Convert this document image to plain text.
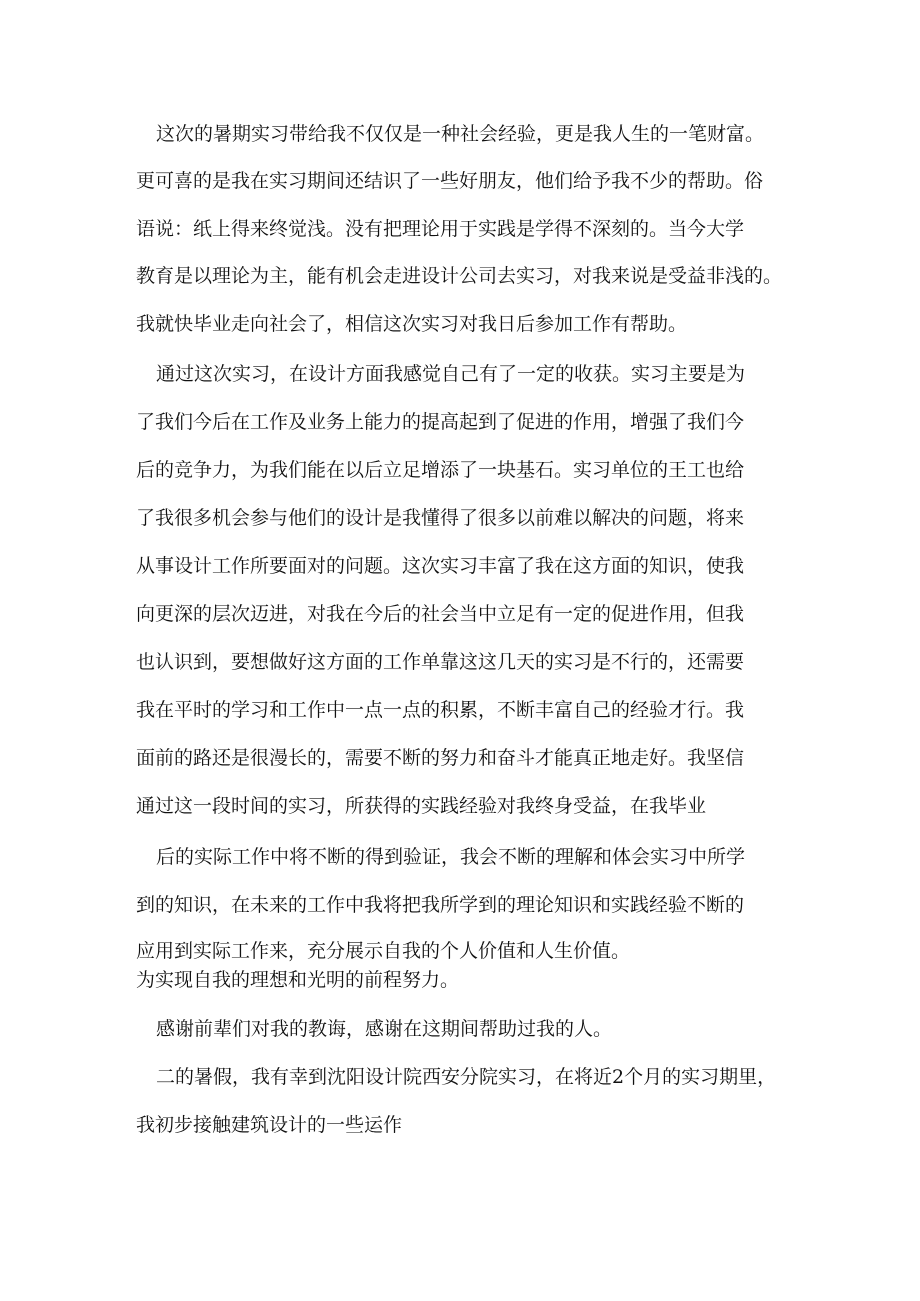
这次的暑期实习带给我不仅仅是一种社会经验，更是我人生的一笔财富。

更可喜的是我在实习期间还结识了一些好朋友，他们给予我不少的帮助。俗

语说：纸上得来终觉浅。没有把理论用于实践是学得不深刻的。当今大学

教育是以理论为主，能有机会走进设计公司去实习，对我来说是受益非浅的。

我就快毕业走向社会了，相信这次实习对我日后参加工作有帮助。

通过这次实习，在设计方面我感觉自己有了一定的收获。实习主要是为

了我们今后在工作及业务上能力的提高起到了促进的作用，增强了我们今

后的竞争力，为我们能在以后立足增添了一块基石。实习单位的王工也给

了我很多机会参与他们的设计是我懂得了很多以前难以解决的问题，将来

从事设计工作所要面对的问题。这次实习丰富了我在这方面的知识，使我

向更深的层次迈进，对我在今后的社会当中立足有一定的促进作用，但我

也认识到，要想做好这方面的工作单靠这这几天的实习是不行的，还需要

我在平时的学习和工作中一点一点的积累，不断丰富自己的经验才行。我

面前的路还是很漫长的，需要不断的努力和奋斗才能真正地走好。我坚信

通过这一段时间的实习，所获得的实践经验对我终身受益，在我毕业

后的实际工作中将不断的得到验证，我会不断的理解和体会实习中所学

到的知识，在未来的工作中我将把我所学到的理论知识和实践经验不断的

应用到实际工作来，充分展示自我的个人价值和人生价值。

为实现自我的理想和光明的前程努力。

感谢前辈们对我的教诲，感谢在这期间帮助过我的人。

二的暑假，我有幸到沈阳设计院西安分院实习，在将近2个月的实习期里，

我初步接触建筑设计的一些运作
